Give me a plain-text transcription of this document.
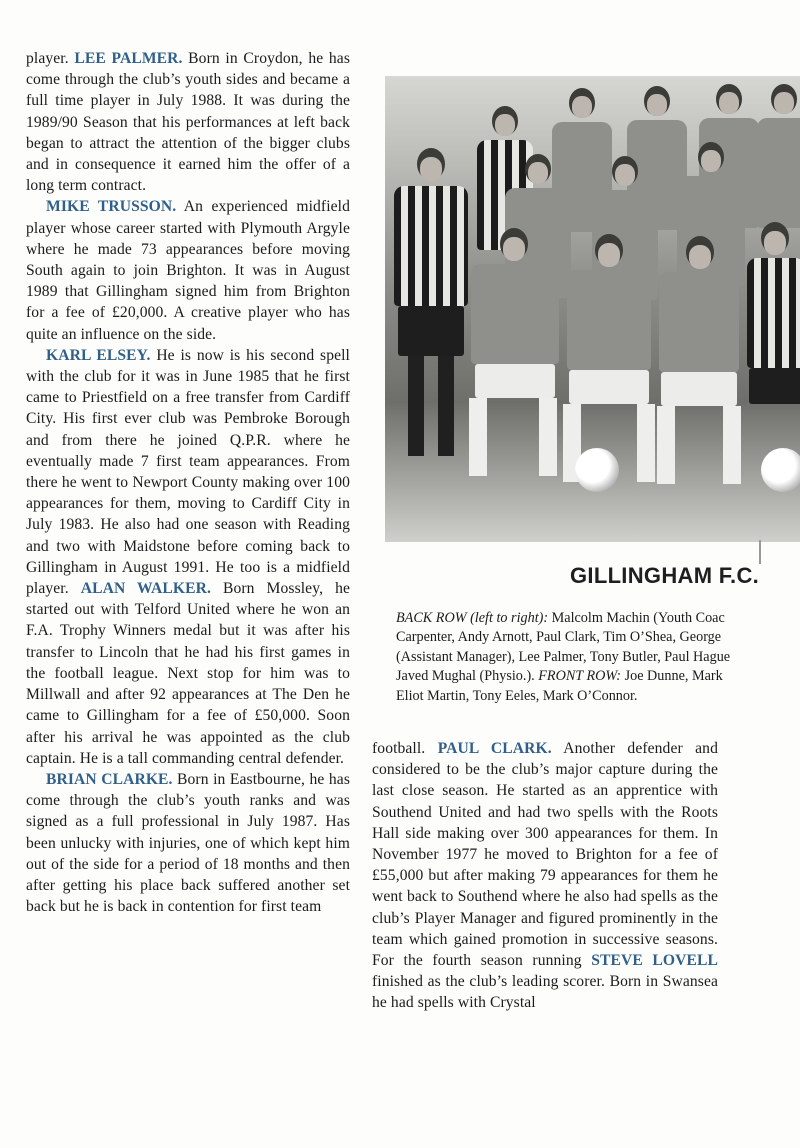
player. LEE PALMER. Born in Croydon, he has come through the club’s youth sides and became a full time player in July 1988. It was during the 1989/90 Season that his performances at left back began to attract the attention of the bigger clubs and in consequence it earned him the offer of a long term contract.

MIKE TRUSSON. An experienced midfield player whose career started with Plymouth Argyle where he made 73 appearances before moving South again to join Brighton. It was in August 1989 that Gillingham signed him from Brighton for a fee of £20,000. A creative player who has quite an influence on the side.

KARL ELSEY. He is now is his second spell with the club for it was in June 1985 that he first came to Priestfield on a free transfer from Cardiff City. His first ever club was Pembroke Borough and from there he joined Q.P.R. where he eventually made 7 first team appearances. From there he went to Newport County making over 100 appearances for them, moving to Cardiff City in July 1983. He also had one season with Reading and two with Maidstone before coming back to Gillingham in August 1991. He too is a midfield player. ALAN WALKER. Born Mossley, he started out with Telford United where he won an F.A. Trophy Winners medal but it was after his transfer to Lincoln that he had his first games in the football league. Next stop for him was to Millwall and after 92 appearances at The Den he came to Gillingham for a fee of £50,000. Soon after his arrival he was appointed as the club captain. He is a tall commanding central defender.

BRIAN CLARKE. Born in Eastbourne, he has come through the club’s youth ranks and was signed as a full professional in July 1987. Has been unlucky with injuries, one of which kept him out of the side for a period of 18 months and then after getting his place back suffered another set back but he is back in contention for first team

GILLINGHAM F.C.
BACK ROW (left to right): Malcolm Machin (Youth Coac
Carpenter, Andy Arnott, Paul Clark, Tim O’Shea, George
(Assistant Manager), Lee Palmer, Tony Butler, Paul Hague
Javed Mughal (Physio.). FRONT ROW: Joe Dunne, Mark
Eliot Martin, Tony Eeles, Mark O’Connor.

football. PAUL CLARK. Another defender and considered to be the club’s major capture during the last close season. He started as an apprentice with Southend United and had two spells with the Roots Hall side making over 300 appearances for them. In November 1977 he moved to Brighton for a fee of £55,000 but after making 79 appearances for them he went back to Southend where he also had spells as the club’s Player Manager and figured prominently in the team which gained promotion in successive seasons. For the fourth season running STEVE LOVELL finished as the club’s leading scorer. Born in Swansea he had spells with Crystal
